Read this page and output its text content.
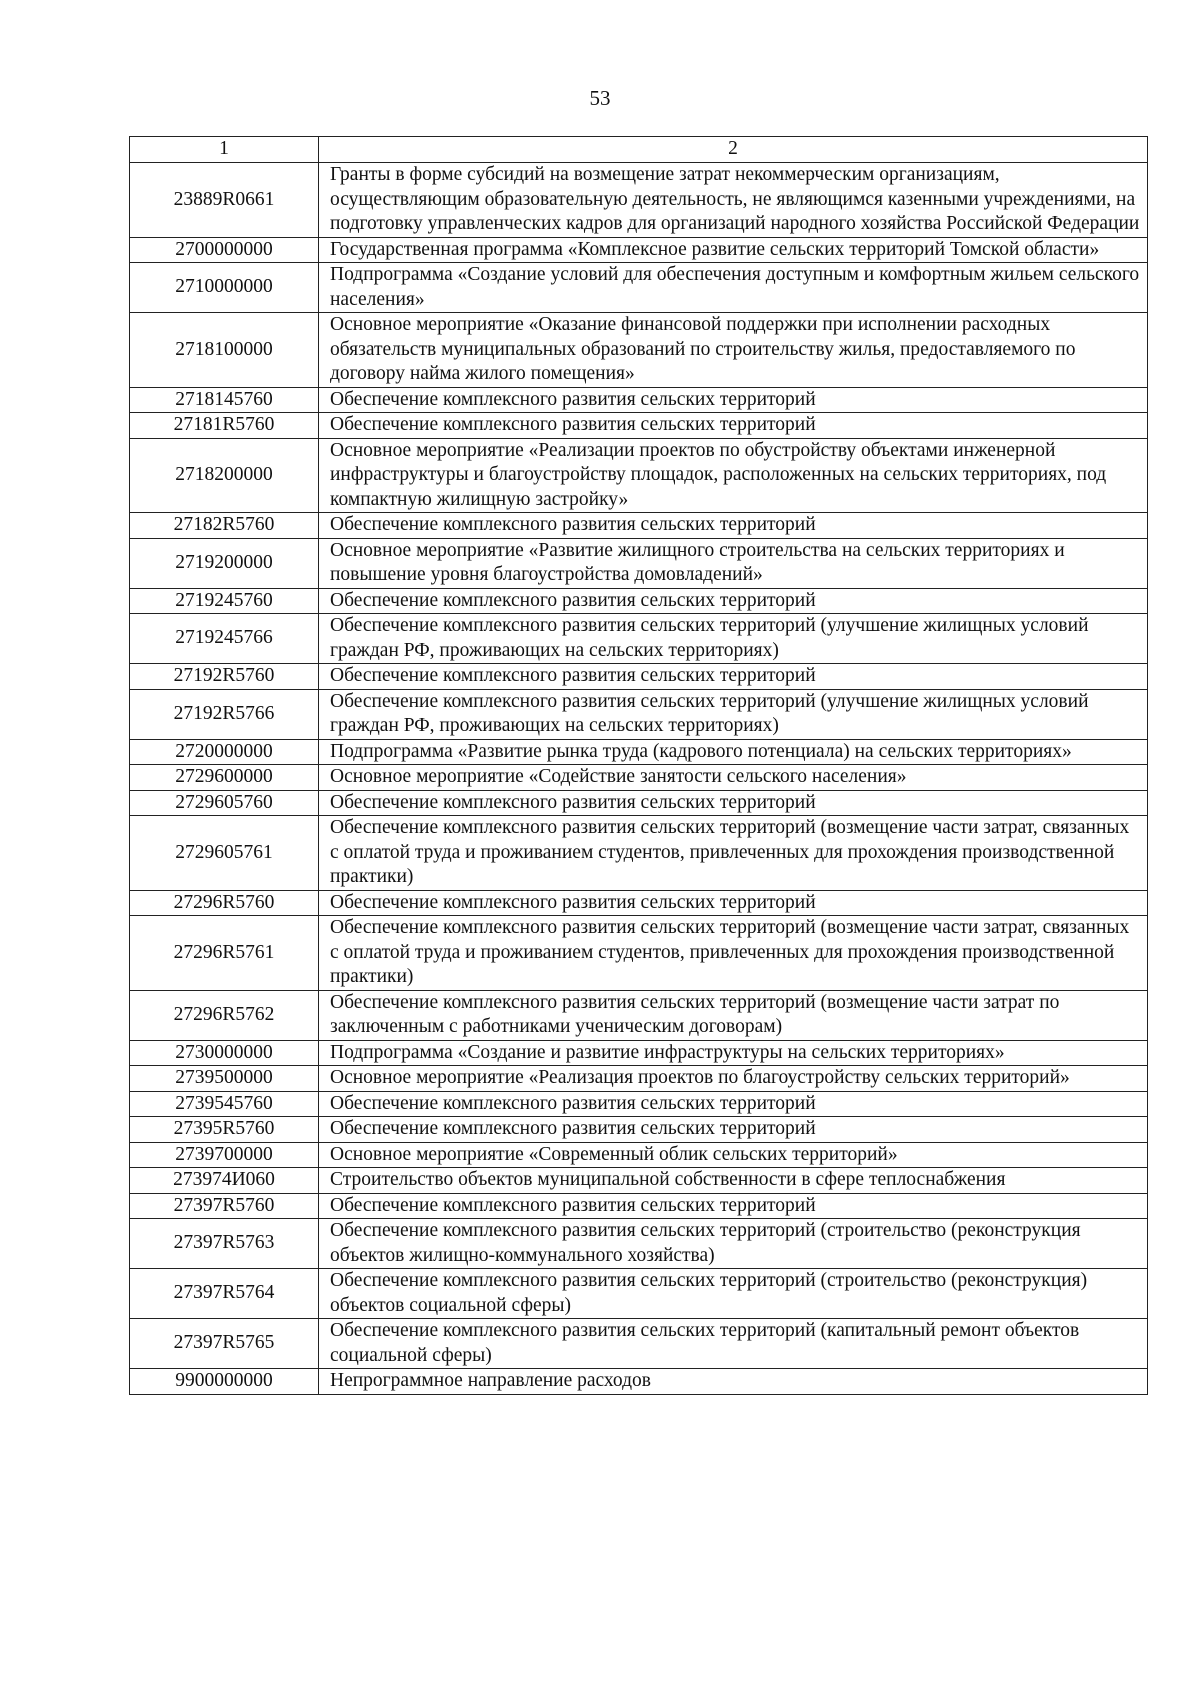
53
1	2
23889R0661	Гранты в форме субсидий на возмещение затрат некоммерческим организациям, осуществляющим образовательную деятельность, не являющимся казенными учреждениями, на подготовку управленческих кадров для организаций народного хозяйства Российской Федерации
2700000000	Государственная программа «Комплексное развитие сельских территорий Томской области»
2710000000	Подпрограмма «Создание условий для обеспечения доступным и комфортным жильем сельского населения»
2718100000	Основное мероприятие «Оказание финансовой поддержки при исполнении расходных обязательств муниципальных образований по строительству жилья, предоставляемого по договору найма жилого помещения»
2718145760	Обеспечение комплексного развития сельских территорий
27181R5760	Обеспечение комплексного развития сельских территорий
2718200000	Основное мероприятие «Реализации проектов по обустройству объектами инженерной инфраструктуры и благоустройству площадок, расположенных на сельских территориях, под компактную жилищную застройку»
27182R5760	Обеспечение комплексного развития сельских территорий
2719200000	Основное мероприятие «Развитие жилищного строительства на сельских территориях и повышение уровня благоустройства домовладений»
2719245760	Обеспечение комплексного развития сельских территорий
2719245766	Обеспечение комплексного развития сельских территорий (улучшение жилищных условий граждан РФ, проживающих на сельских территориях)
27192R5760	Обеспечение комплексного развития сельских территорий
27192R5766	Обеспечение комплексного развития сельских территорий (улучшение жилищных условий граждан РФ, проживающих на сельских территориях)
2720000000	Подпрограмма «Развитие рынка труда (кадрового потенциала) на сельских территориях»
2729600000	Основное мероприятие «Содействие занятости сельского населения»
2729605760	Обеспечение комплексного развития сельских территорий
2729605761	Обеспечение комплексного развития сельских территорий (возмещение части затрат, связанных с оплатой труда и проживанием студентов, привлеченных для прохождения производственной практики)
27296R5760	Обеспечение комплексного развития сельских территорий
27296R5761	Обеспечение комплексного развития сельских территорий (возмещение части затрат, связанных с оплатой труда и проживанием студентов, привлеченных для прохождения производственной практики)
27296R5762	Обеспечение комплексного развития сельских территорий (возмещение части затрат по заключенным с работниками ученическим договорам)
2730000000	Подпрограмма «Создание и развитие инфраструктуры на сельских территориях»
2739500000	Основное мероприятие «Реализация проектов по благоустройству сельских территорий»
2739545760	Обеспечение комплексного развития сельских территорий
27395R5760	Обеспечение комплексного развития сельских территорий
2739700000	Основное мероприятие «Современный облик сельских территорий»
273974И060	Строительство объектов муниципальной собственности в сфере теплоснабжения
27397R5760	Обеспечение комплексного развития сельских территорий
27397R5763	Обеспечение комплексного развития сельских территорий (строительство (реконструкция объектов жилищно-коммунального хозяйства)
27397R5764	Обеспечение комплексного развития сельских территорий (строительство (реконструкция) объектов социальной сферы)
27397R5765	Обеспечение комплексного развития сельских территорий (капитальный ремонт объектов социальной сферы)
9900000000	Непрограммное направление расходов
